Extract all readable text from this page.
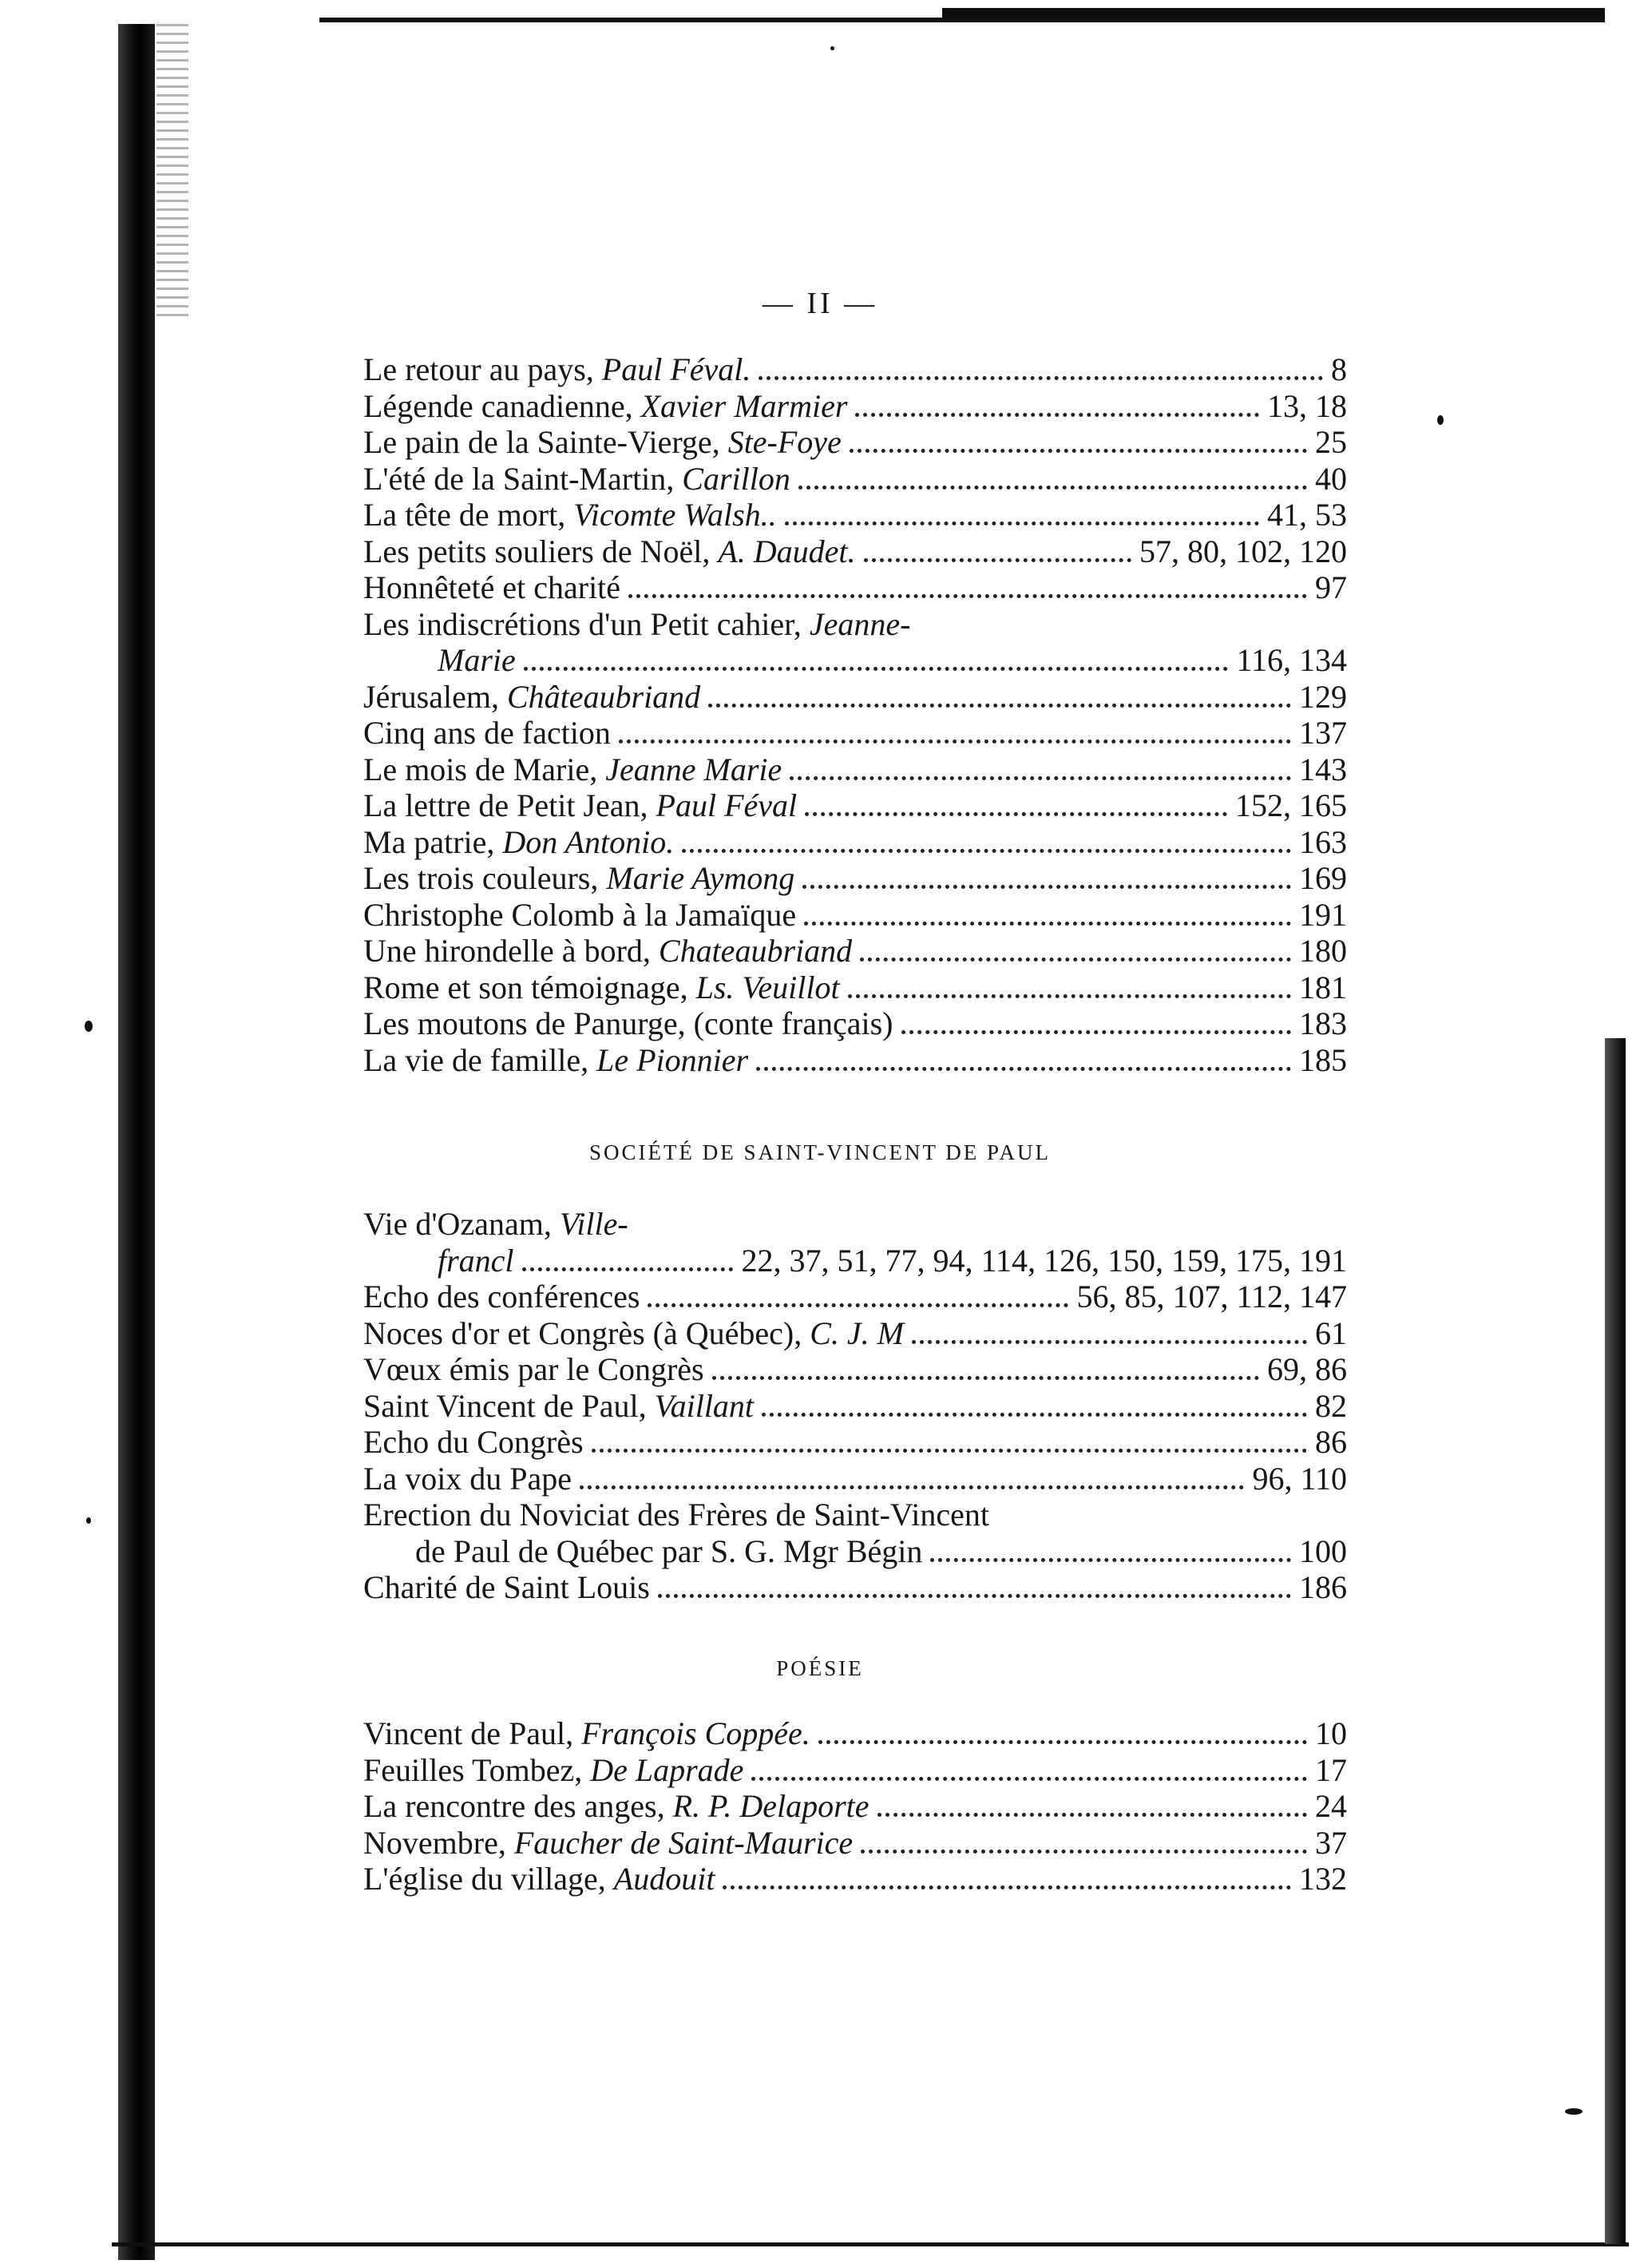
— II —
Le retour au pays, Paul Féval.	8
Légende canadienne, Xavier Marmier	13, 18
Le pain de la Sainte-Vierge, Ste-Foye	25
L'été de la Saint-Martin, Carillon	40
La tête de mort, Vicomte Walsh..	41, 53
Les petits souliers de Noël, A. Daudet.	57, 80, 102, 120
Honnêteté et charité	97
Les indiscrétions d'un Petit cahier, Jeanne-
Marie	116, 134
Jérusalem, Châteaubriand	129
Cinq ans de faction	137
Le mois de Marie, Jeanne Marie	143
La lettre de Petit Jean, Paul Féval	152, 165
Ma patrie, Don Antonio.	163
Les trois couleurs, Marie Aymong	169
Christophe Colomb à la Jamaïque	191
Une hirondelle à bord, Chateaubriand	180
Rome et son témoignage, Ls. Veuillot	181
Les moutons de Panurge, (conte français)	183
La vie de famille, Le Pionnier	185
SOCIÉTÉ DE SAINT-VINCENT DE PAUL
Vie d'Ozanam, Ville-
francl	22, 37, 51, 77, 94, 114, 126, 150, 159, 175, 191
Echo des conférences	56, 85, 107, 112, 147
Noces d'or et Congrès (à Québec), C. J. M	61
Vœux émis par le Congrès	69, 86
Saint Vincent de Paul, Vaillant	82
Echo du Congrès	86
La voix du Pape	96, 110
Erection du Noviciat des Frères de Saint-Vincent
de Paul de Québec par S. G. Mgr Bégin	100
Charité de Saint Louis	186
POÉSIE
Vincent de Paul, François Coppée.	10
Feuilles Tombez, De Laprade	17
La rencontre des anges, R. P. Delaporte	24
Novembre, Faucher de Saint-Maurice	37
L'église du village, Audouit	132
